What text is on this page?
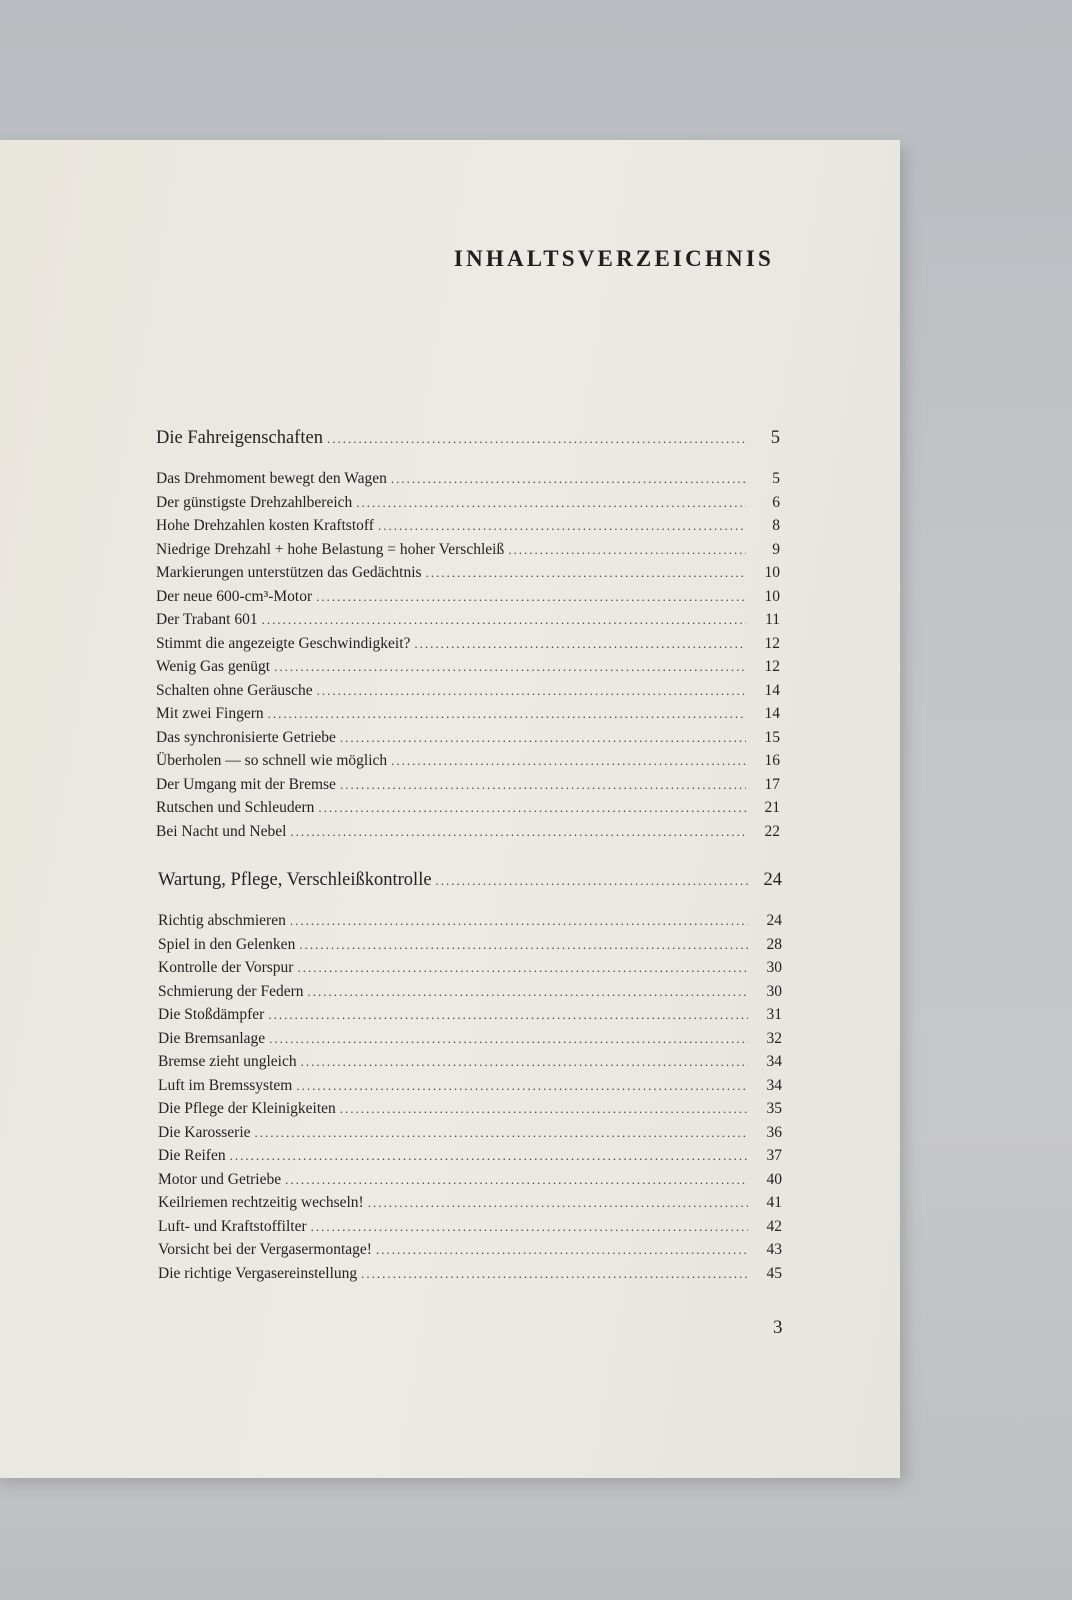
INHALTSVERZEICHNIS
Die Fahreigenschaften .....	5
Das Drehmoment bewegt den Wagen .....	5
Der günstigste Drehzahlbereich .....	6
Hohe Drehzahlen kosten Kraftstoff .....	8
Niedrige Drehzahl + hohe Belastung = hoher Verschleiß .....	9
Markierungen unterstützen das Gedächtnis .....	10
Der neue 600-cm³-Motor .....	10
Der Trabant 601 .....	11
Stimmt die angezeigte Geschwindigkeit? .....	12
Wenig Gas genügt .....	12
Schalten ohne Geräusche .....	14
Mit zwei Fingern .....	14
Das synchronisierte Getriebe .....	15
Überholen — so schnell wie möglich .....	16
Der Umgang mit der Bremse .....	17
Rutschen und Schleudern .....	21
Bei Nacht und Nebel .....	22
Wartung, Pflege, Verschleißkontrolle .....	24
Richtig abschmieren .....	24
Spiel in den Gelenken .....	28
Kontrolle der Vorspur .....	30
Schmierung der Federn .....	30
Die Stoßdämpfer .....	31
Die Bremsanlage .....	32
Bremse zieht ungleich .....	34
Luft im Bremssystem .....	34
Die Pflege der Kleinigkeiten .....	35
Die Karosserie .....	36
Die Reifen .....	37
Motor und Getriebe .....	40
Keilriemen rechtzeitig wechseln! .....	41
Luft- und Kraftstoffilter .....	42
Vorsicht bei der Vergasermontage! .....	43
Die richtige Vergasereinstellung .....	45
3
